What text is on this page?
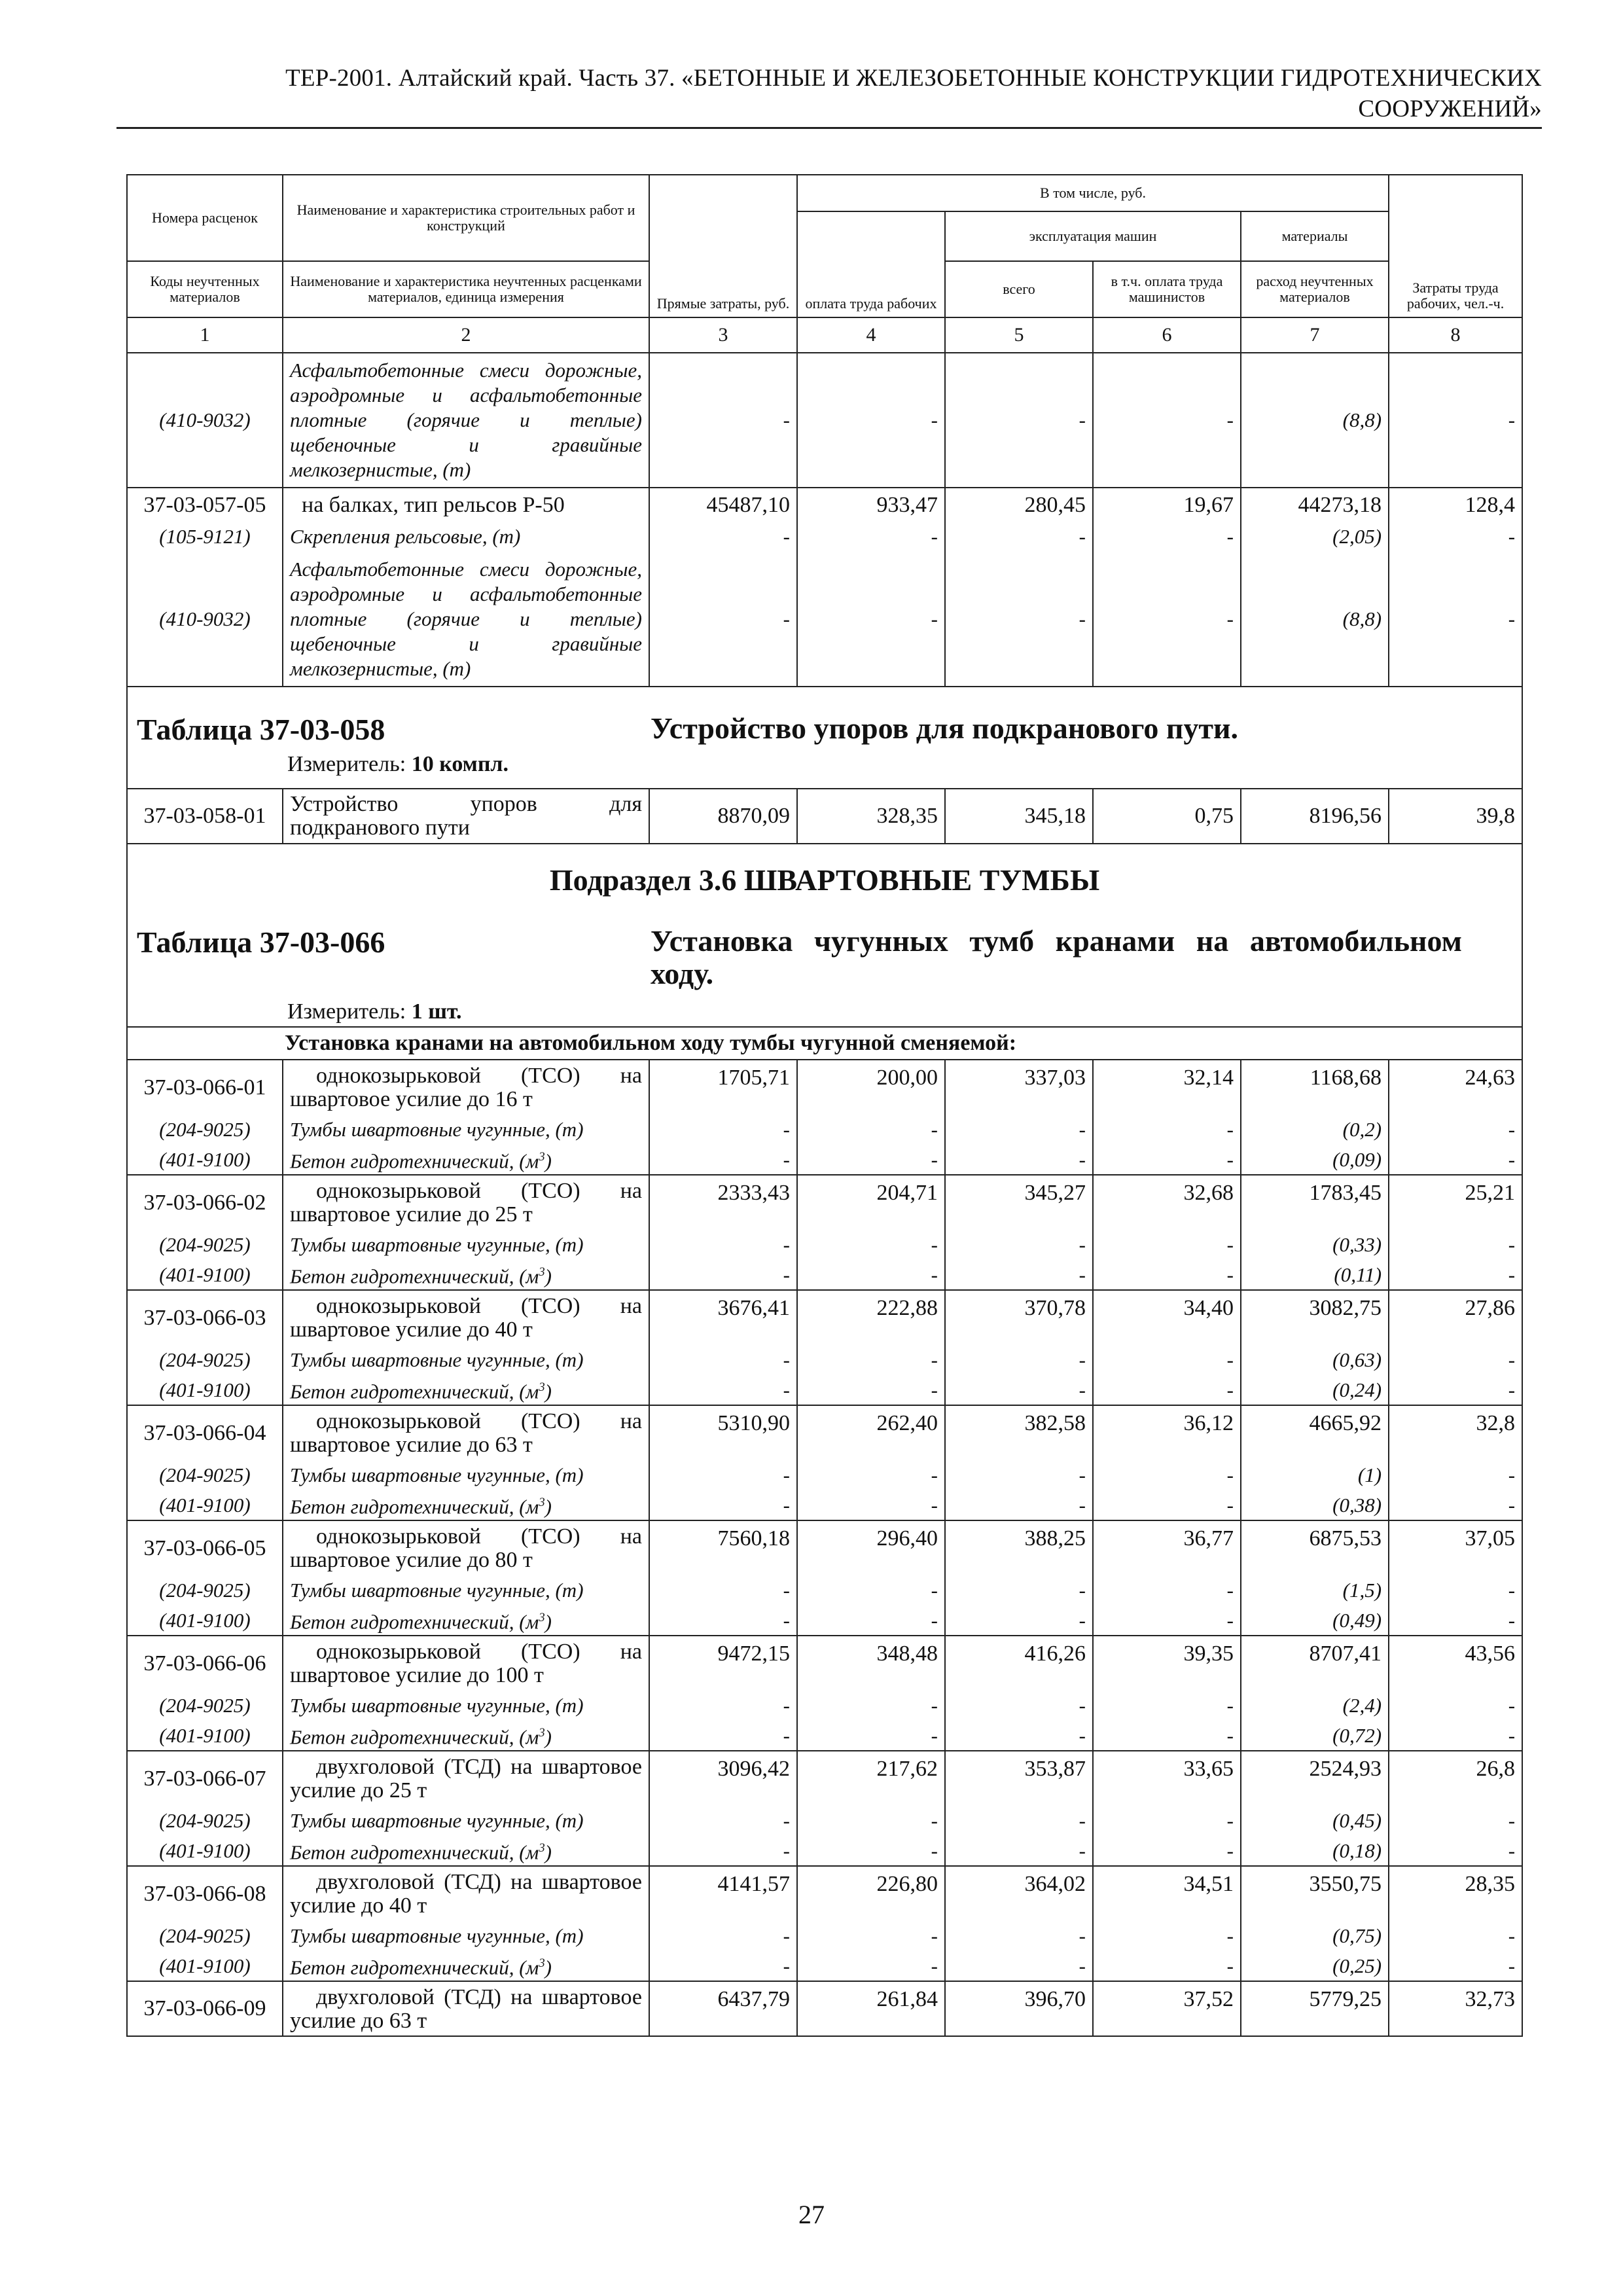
ТЕР-2001. Алтайский край. Часть 37. «БЕТОННЫЕ И ЖЕЛЕЗОБЕТОННЫЕ КОНСТРУКЦИИ ГИДРОТЕХНИЧЕСКИХ
СООРУЖЕНИЙ»
Номера расценок	Наименование и характеристика строительных работ и конструкций	Прямые затраты, руб.	В том числе, руб.				Затраты труда рабочих, чел.-ч.
			оплата труда рабочих	эксплуатация машин		материалы	
Коды неучтенных материалов	Наименование и характеристика неучтенных расценками материалов, единица измерения			всего	в т.ч. оплата труда машинистов	расход неучтенных материалов	
1	2	3	4	5	6	7	8
(410-9032)	Асфальтобетонные смеси дорожные, аэродромные и асфальтобетонные плотные (горячие и теплые) щебеночные и гравийные мелкозернистые, (т)	-	-	-	-	(8,8)	-
37-03-057-05	на балках, тип рельсов Р-50	45487,10	933,47	280,45	19,67	44273,18	128,4
(105-9121)	Скрепления рельсовые, (т)	-	-	-	-	(2,05)	-
(410-9032)	Асфальтобетонные смеси дорожные, аэродромные и асфальтобетонные плотные (горячие и теплые) щебеночные и гравийные мелкозернистые, (т)	-	-	-	-	(8,8)	-

Таблица 37-03-058 Устройство упоров для подкранового пути.
Измеритель: 10 компл.							

37-03-058-01	Устройство упоров для подкранового пути	8870,09	328,35	345,18	0,75	8196,56	39,8

Подраздел 3.6 ШВАРТОВНЫЕ ТУМБЫ
Таблица 37-03-066 Установка чугунных тумб кранами на автомобильном ходу.
Измеритель: 1 шт.							

Установка кранами на автомобильном ходу тумбы чугунной сменяемой:							
37-03-066-01	однокозырьковой (ТСО) на швартовое усилие до 16 т	1705,71	200,00	337,03	32,14	1168,68	24,63
(204-9025)	Тумбы швартовные чугунные, (т)	-	-	-	-	(0,2)	-
(401-9100)	Бетон гидротехнический, $(м^3)$	-	-	-	-	(0,09)	-
37-03-066-02	однокозырьковой (ТСО) на швартовое усилие до 25 т	2333,43	204,71	345,27	32,68	1783,45	25,21
(204-9025)	Тумбы швартовные чугунные, (т)	-	-	-	-	(0,33)	-
(401-9100)	Бетон гидротехнический, $(м^3)$	-	-	-	-	(0,11)	-
37-03-066-03	однокозырьковой (ТСО) на швартовое усилие до 40 т	3676,41	222,88	370,78	34,40	3082,75	27,86
(204-9025)	Тумбы швартовные чугунные, (т)	-	-	-	-	(0,63)	-
(401-9100)	Бетон гидротехнический, $(м^3)$	-	-	-	-	(0,24)	-
37-03-066-04	однокозырьковой (ТСО) на швартовое усилие до 63 т	5310,90	262,40	382,58	36,12	4665,92	32,8
(204-9025)	Тумбы швартовные чугунные, (т)	-	-	-	-	(1)	-
(401-9100)	Бетон гидротехнический, $(м^3)$	-	-	-	-	(0,38)	-
37-03-066-05	однокозырьковой (ТСО) на швартовое усилие до 80 т	7560,18	296,40	388,25	36,77	6875,53	37,05
(204-9025)	Тумбы швартовные чугунные, (т)	-	-	-	-	(1,5)	-
(401-9100)	Бетон гидротехнический, $(м^3)$	-	-	-	-	(0,49)	-
37-03-066-06	однокозырьковой (ТСО) на швартовое усилие до 100 т	9472,15	348,48	416,26	39,35	8707,41	43,56
(204-9025)	Тумбы швартовные чугунные, (т)	-	-	-	-	(2,4)	-
(401-9100)	Бетон гидротехнический, $(м^3)$	-	-	-	-	(0,72)	-
37-03-066-07	двухголовой (ТСД) на швартовое усилие до 25 т	3096,42	217,62	353,87	33,65	2524,93	26,8
(204-9025)	Тумбы швартовные чугунные, (т)	-	-	-	-	(0,45)	-
(401-9100)	Бетон гидротехнический, $(м^3)$	-	-	-	-	(0,18)	-
37-03-066-08	двухголовой (ТСД) на швартовое усилие до 40 т	4141,57	226,80	364,02	34,51	3550,75	28,35
(204-9025)	Тумбы швартовные чугунные, (т)	-	-	-	-	(0,75)	-
(401-9100)	Бетон гидротехнический, $(м^3)$	-	-	-	-	(0,25)	-
37-03-066-09	двухголовой (ТСД) на швартовое усилие до 63 т	6437,79	261,84	396,70	37,52	5779,25	32,73
27
